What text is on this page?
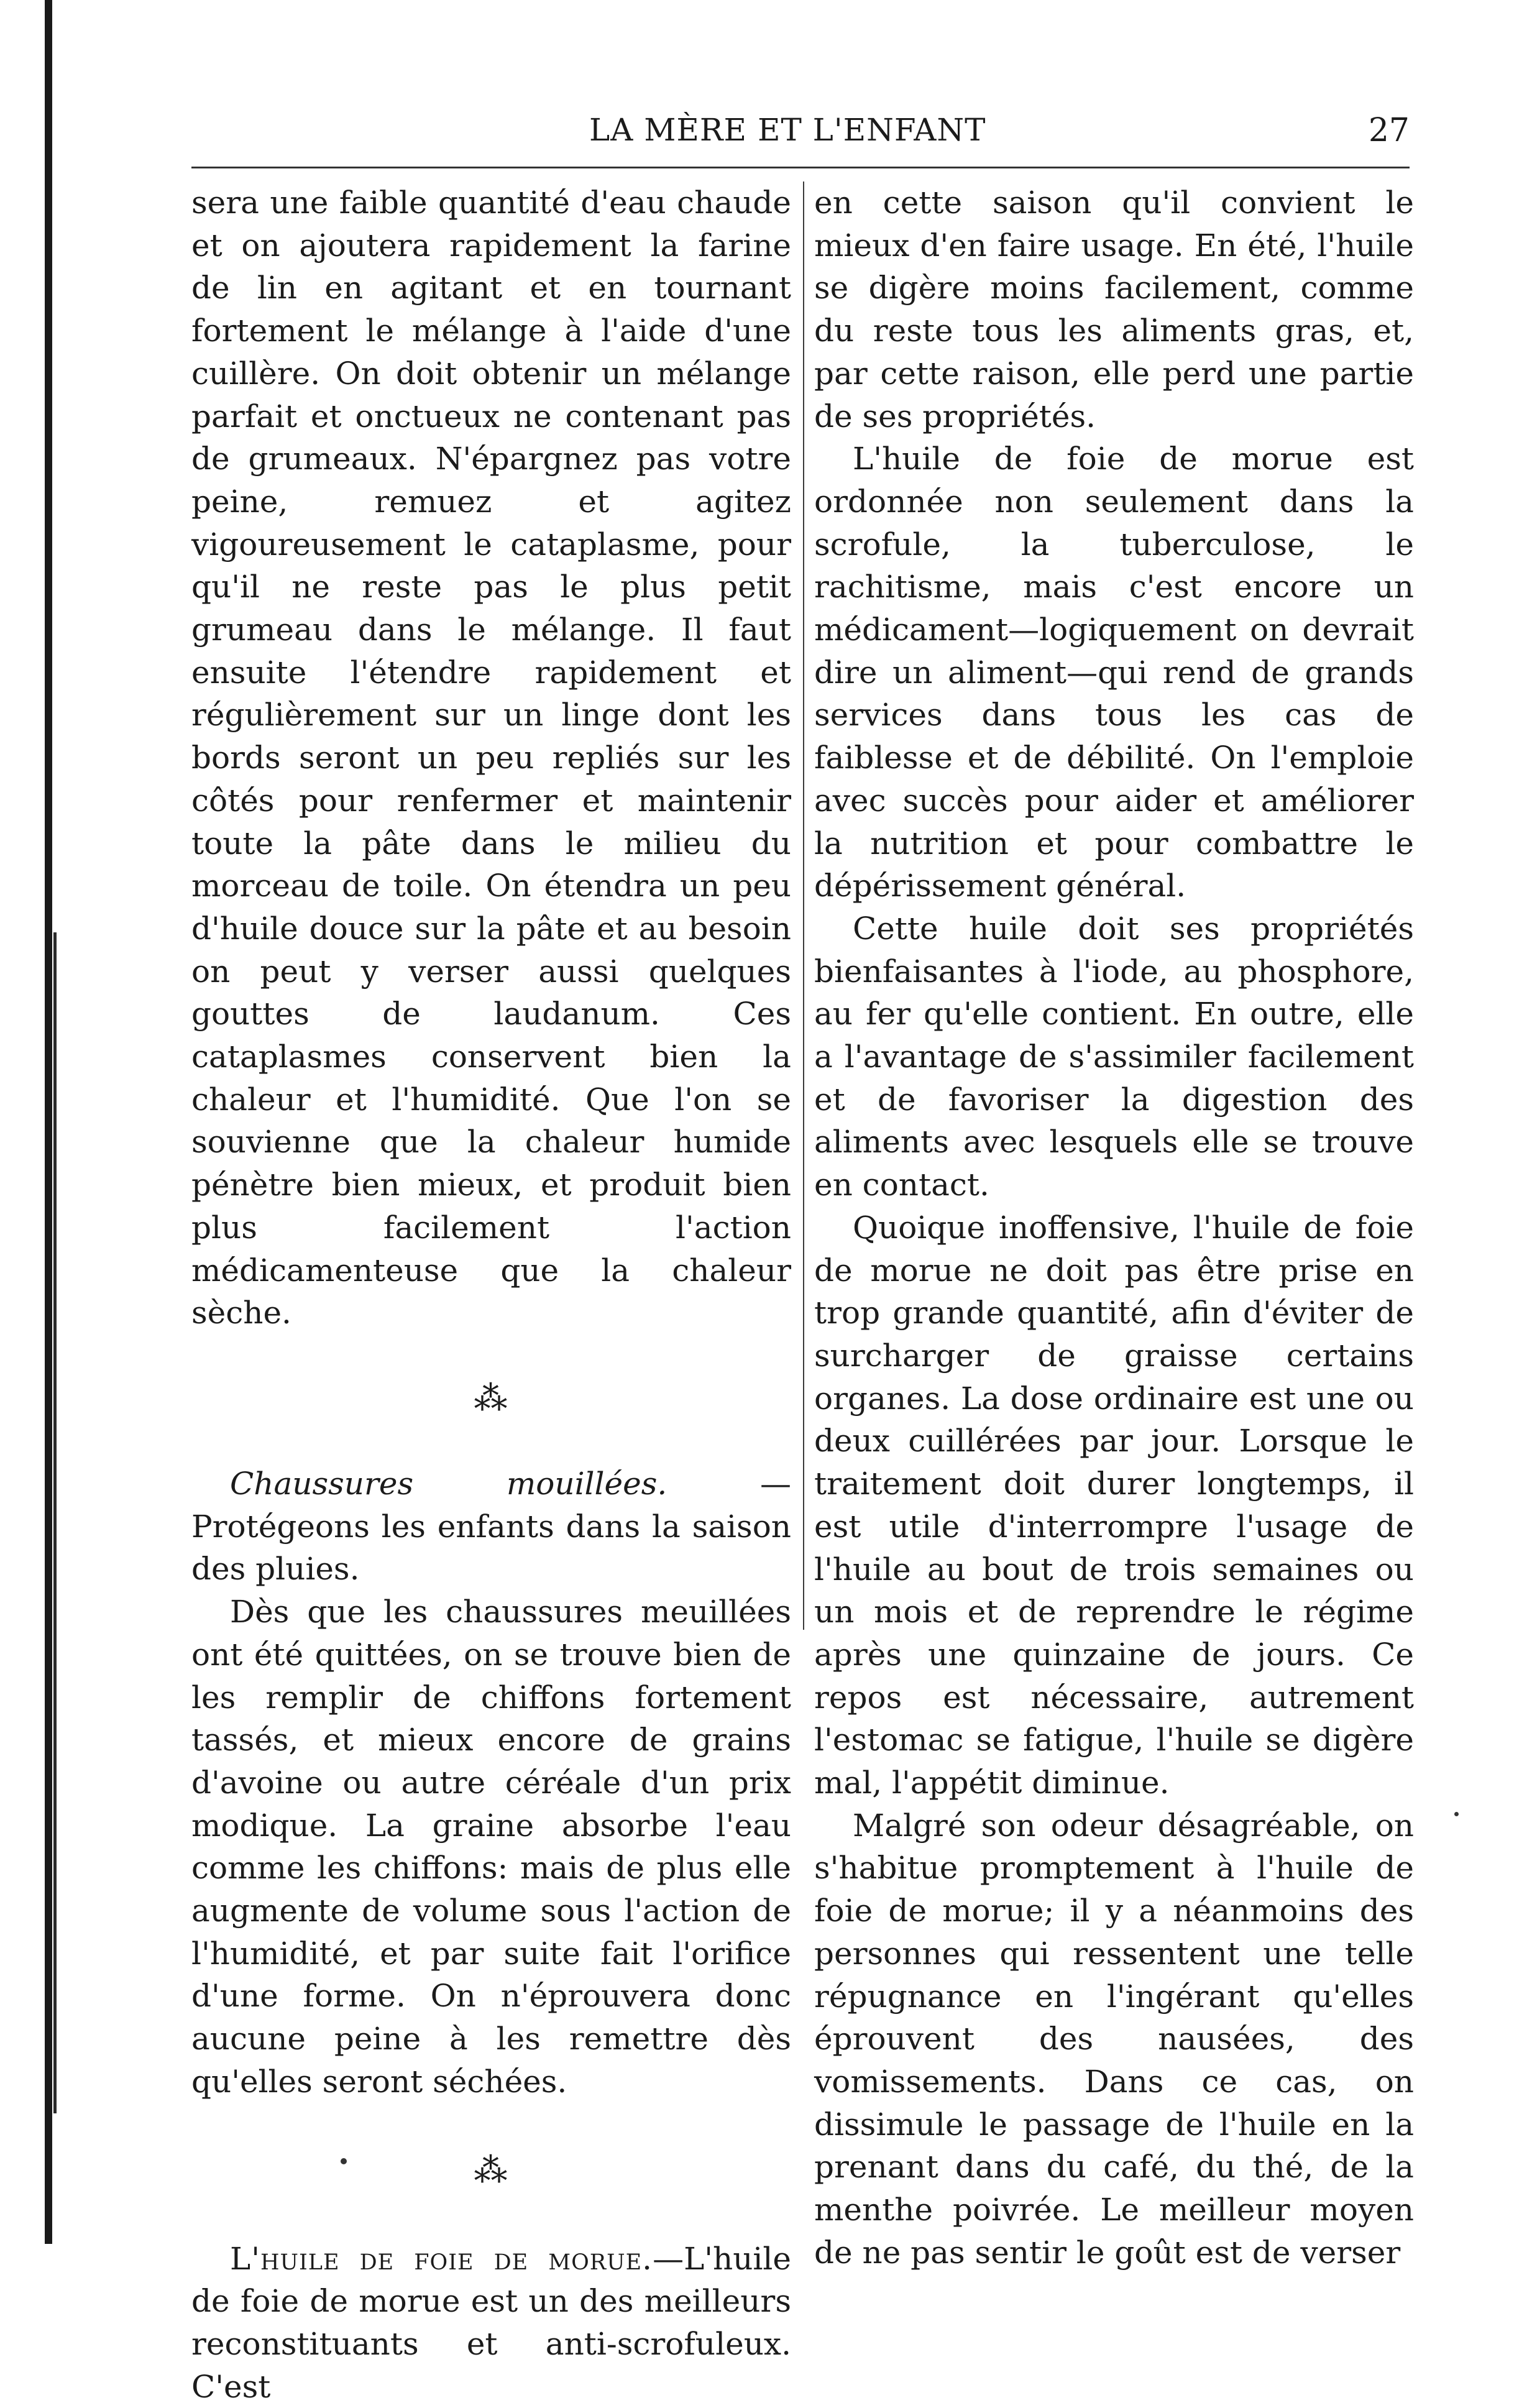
LA MÈRE ET L'ENFANT	27

sera une faible quantité d'eau chaude et on ajoutera rapidement la farine de lin en agitant et en tournant fortement le mélange à l'aide d'une cuillère. On doit obtenir un mélange parfait et onctueux ne contenant pas de grumeaux. N'épargnez pas votre peine, remuez et agitez vigoureusement le cataplasme, pour qu'il ne reste pas le plus petit grumeau dans le mélange. Il faut ensuite l'étendre rapidement et régulièrement sur un linge dont les bords seront un peu repliés sur les côtés pour renfermer et maintenir toute la pâte dans le milieu du morceau de toile. On étendra un peu d'huile douce sur la pâte et au besoin on peut y verser aussi quelques gouttes de laudanum. Ces cataplasmes conservent bien la chaleur et l'humidité. Que l'on se souvienne que la chaleur humide pénètre bien mieux, et produit bien plus facilement l'action médicamenteuse que la chaleur sèche.

⁂

Chaussures mouillées. — Protégeons les enfants dans la saison des pluies.

Dès que les chaussures meuillées ont été quittées, on se trouve bien de les remplir de chiffons fortement tassés, et mieux encore de grains d'avoine ou autre céréale d'un prix modique. La graine absorbe l'eau comme les chiffons: mais de plus elle augmente de volume sous l'action de l'humidité, et par suite fait l'orifice d'une forme. On n'éprouvera donc aucune peine à les remettre dès qu'elles seront séchées.

⁂

L'huile de foie de morue.—L'huile de foie de morue est un des meilleurs reconstituants et anti-scrofuleux. C'est

en cette saison qu'il convient le mieux d'en faire usage. En été, l'huile se digère moins facilement, comme du reste tous les aliments gras, et, par cette raison, elle perd une partie de ses propriétés.

L'huile de foie de morue est ordonnée non seulement dans la scrofule, la tuberculose, le rachitisme, mais c'est encore un médicament—logiquement on devrait dire un aliment—qui rend de grands services dans tous les cas de faiblesse et de débilité. On l'emploie avec succès pour aider et améliorer la nutrition et pour combattre le dépérissement général.

Cette huile doit ses propriétés bienfaisantes à l'iode, au phosphore, au fer qu'elle contient. En outre, elle a l'avantage de s'assimiler facilement et de favoriser la digestion des aliments avec lesquels elle se trouve en contact.

Quoique inoffensive, l'huile de foie de morue ne doit pas être prise en trop grande quantité, afin d'éviter de surcharger de graisse certains organes. La dose ordinaire est une ou deux cuillérées par jour. Lorsque le traitement doit durer longtemps, il est utile d'interrompre l'usage de l'huile au bout de trois semaines ou un mois et de reprendre le régime après une quinzaine de jours. Ce repos est nécessaire, autrement l'estomac se fatigue, l'huile se digère mal, l'appétit diminue.

Malgré son odeur désagréable, on s'habitue promptement à l'huile de foie de morue; il y a néanmoins des personnes qui ressentent une telle répugnance en l'ingérant qu'elles éprouvent des nausées, des vomissements. Dans ce cas, on dissimule le passage de l'huile en la prenant dans du café, du thé, de la menthe poivrée. Le meilleur moyen de ne pas sentir le goût est de verser
